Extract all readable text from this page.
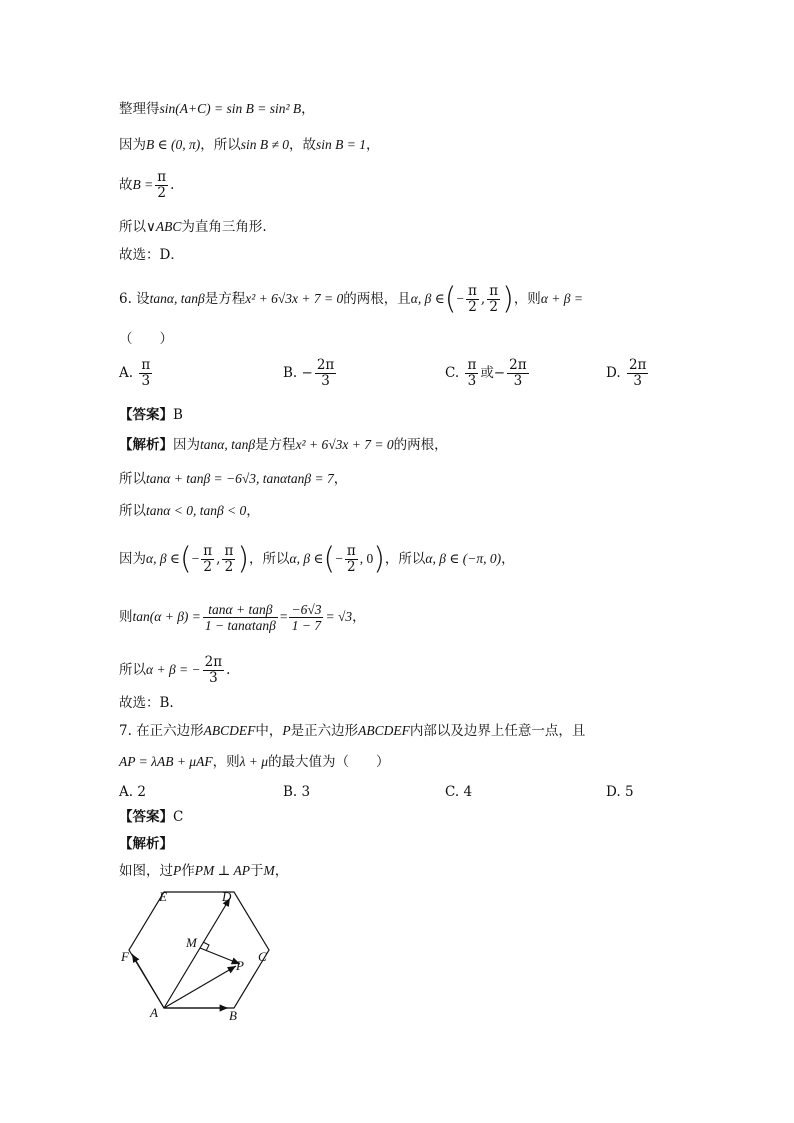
整理得sin(A+C) = sin B = sin² B，
因为B ∈ (0, π)，所以sin B ≠ 0，故sin B = 1，
故$B = \frac{\pi}{2}$ .
所以∨ABC为直角三角形.
故选：D．
6. 设tanα, tanβ是方程x² + 6√3x + 7 = 0的两根，且α, β ∈(− $\frac{\pi}{2}$ , $\frac{\pi}{2}$ )，则α + β =
（　　）
A. $\frac{\pi}{3}$	B. − $\frac{2\pi}{3}$	C. $\frac{\pi}{3}$ 或− $\frac{2\pi}{3}$	D. $\frac{2\pi}{3}$
【答案】B
【解析】因为tanα, tanβ是方程x² + 6√3x + 7 = 0的两根，
所以tanα + tanβ = −6√3, tanαtanβ = 7，
所以tanα < 0, tanβ < 0，
因为α, β ∈(− $\frac{\pi}{2}$ , $\frac{\pi}{2}$ )，所以α, β ∈(− $\frac{\pi}{2}$ , 0)，所以α, β ∈ (−π, 0)，
则$\tan(\alpha + \beta) = \frac{\tan\alpha + \tan\beta}{1 - \tan\alpha\tan\beta} = \frac{-6√3}{1 - 7} = √3$，
所以α + β = − $\frac{2\pi}{3}$ .
故选：B.
7. 在正六边形ABCDEF中，P是正六边形ABCDEF内部以及边界上任意一点，且
AP = λAB + μAF，则λ + μ的最大值为（　　）
A. 2	B. 3	C. 4	D. 5
【答案】C
【解析】
如图，过P作PM ⊥ AP于M，
A	B
C
D
E
F
M
P
